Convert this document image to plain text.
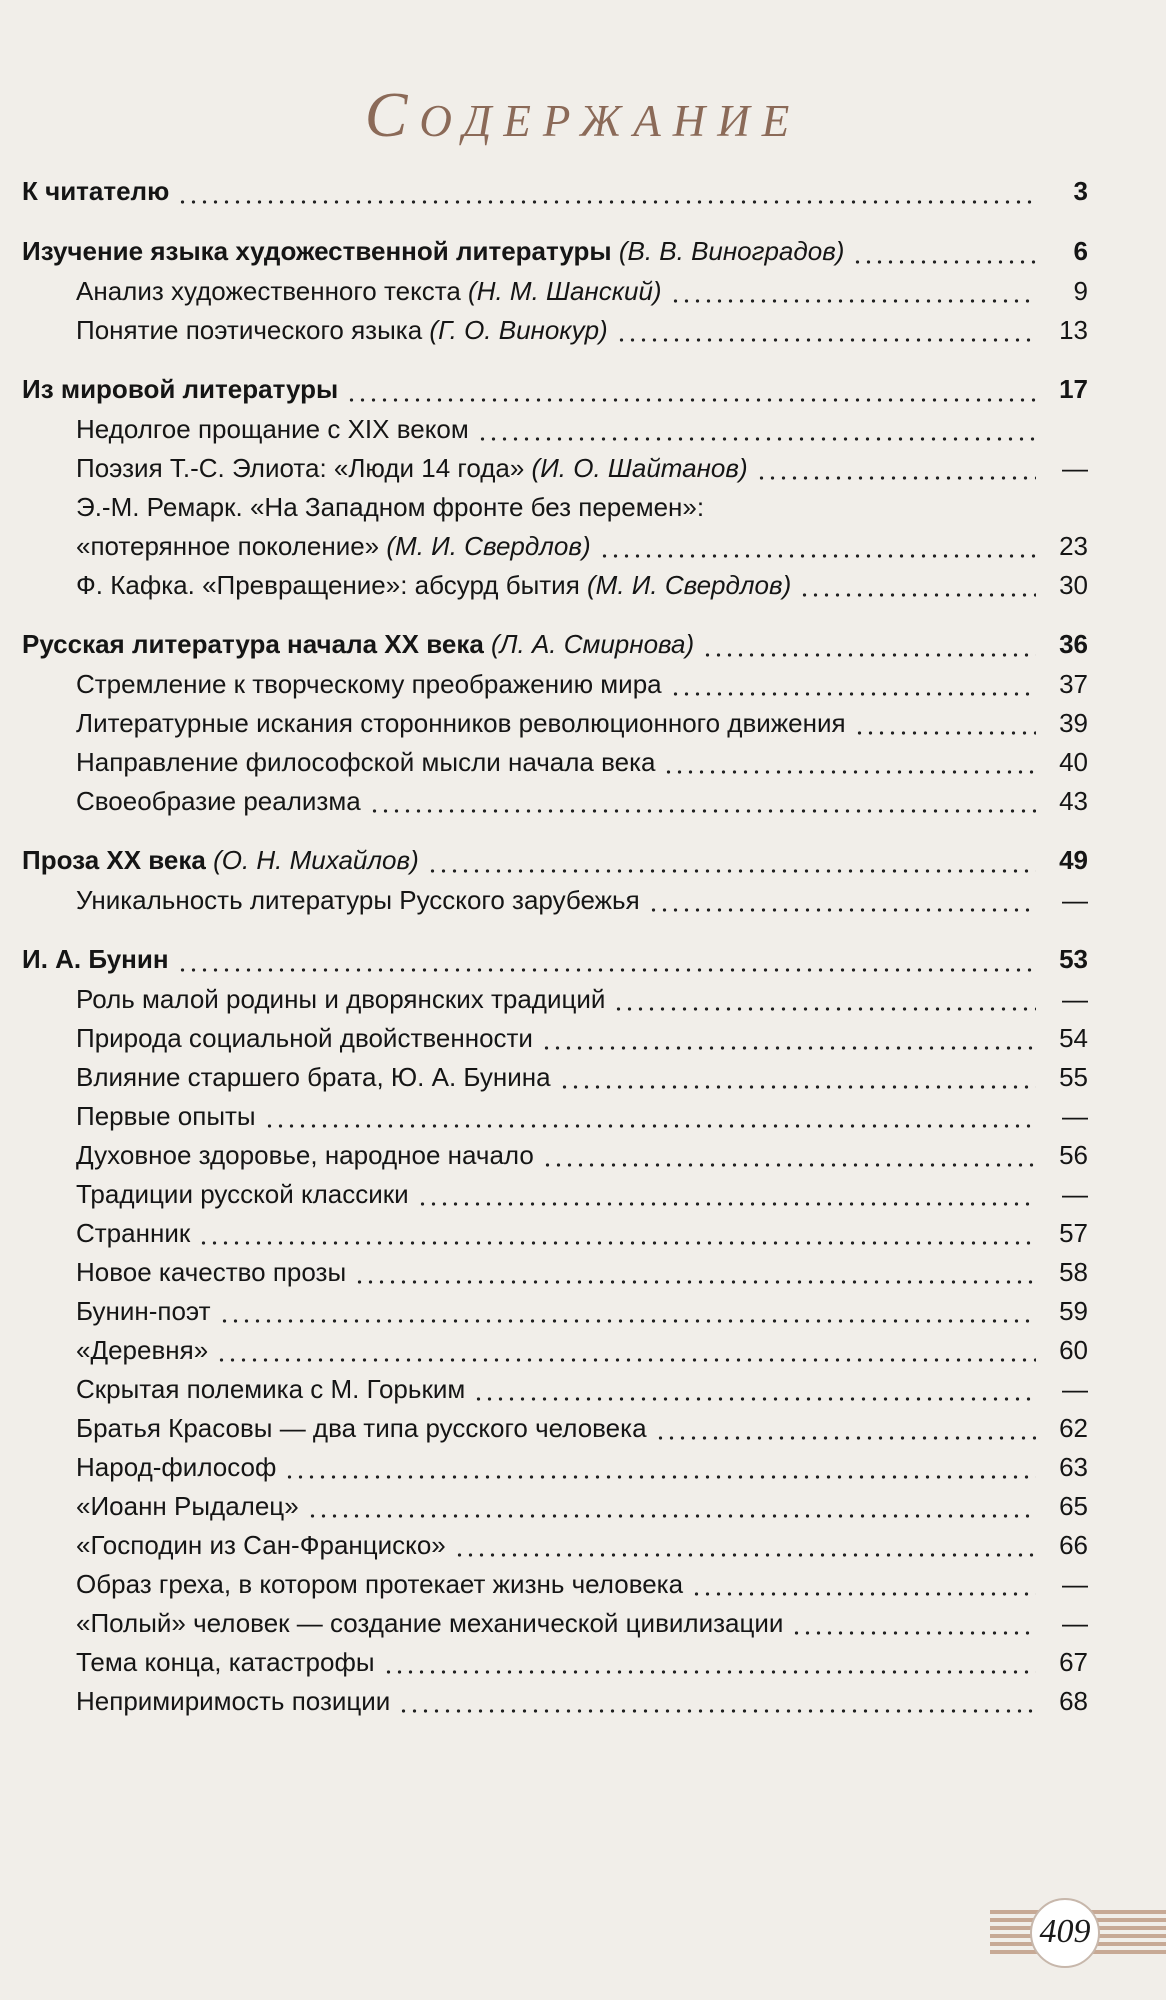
Содержание
К читателю	3
Изучение языка художественной литературы (В. В. Виноградов)	6
Анализ художественного текста (Н. М. Шанский)	9
Понятие поэтического языка (Г. О. Винокур)	13
Из мировой литературы	17
Недолгое прощание с XIX веком
Поэзия Т.-С. Элиота: «Люди 14 года» (И. О. Шайтанов)	—
Э.-М. Ремарк. «На Западном фронте без перемен»:
«потерянное поколение» (М. И. Свердлов)	23
Ф. Кафка. «Превращение»: абсурд бытия (М. И. Свердлов)	30
Русская литература начала XX века (Л. А. Смирнова)	36
Стремление к творческому преображению мира	37
Литературные искания сторонников революционного движения	39
Направление философской мысли начала века	40
Своеобразие реализма	43
Проза XX века (О. Н. Михайлов)	49
Уникальность литературы Русского зарубежья	—
И. А. Бунин	53
Роль малой родины и дворянских традиций	—
Природа социальной двойственности	54
Влияние старшего брата, Ю. А. Бунина	55
Первые опыты	—
Духовное здоровье, народное начало	56
Традиции русской классики	—
Странник	57
Новое качество прозы	58
Бунин-поэт	59
«Деревня»	60
Скрытая полемика с М. Горьким	—
Братья Красовы — два типа русского человека	62
Народ-философ	63
«Иоанн Рыдалец»	65
«Господин из Сан-Франциско»	66
Образ греха, в котором протекает жизнь человека	—
«Полый» человек — создание механической цивилизации	—
Тема конца, катастрофы	67
Непримиримость позиции	68
409
